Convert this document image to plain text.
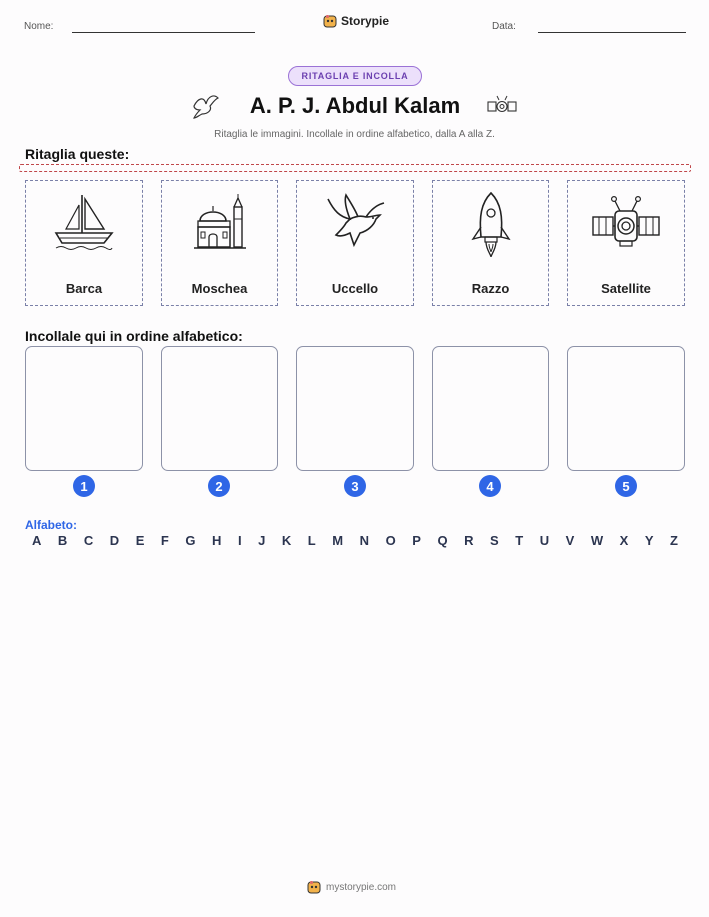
Nome:	Storypie	Data:
RITAGLIA E INCOLLA
A. P. J. Abdul Kalam
Ritaglia le immagini. Incollale in ordine alfabetico, dalla A alla Z.
Ritaglia queste:
Barca	Moschea	Uccello	Razzo	Satellite
Incollale qui in ordine alfabetico:
1	2	3	4	5
Alfabeto:
A B C D E F G H I J K L M N O P Q R S T U V W X Y Z
mystorypie.com
